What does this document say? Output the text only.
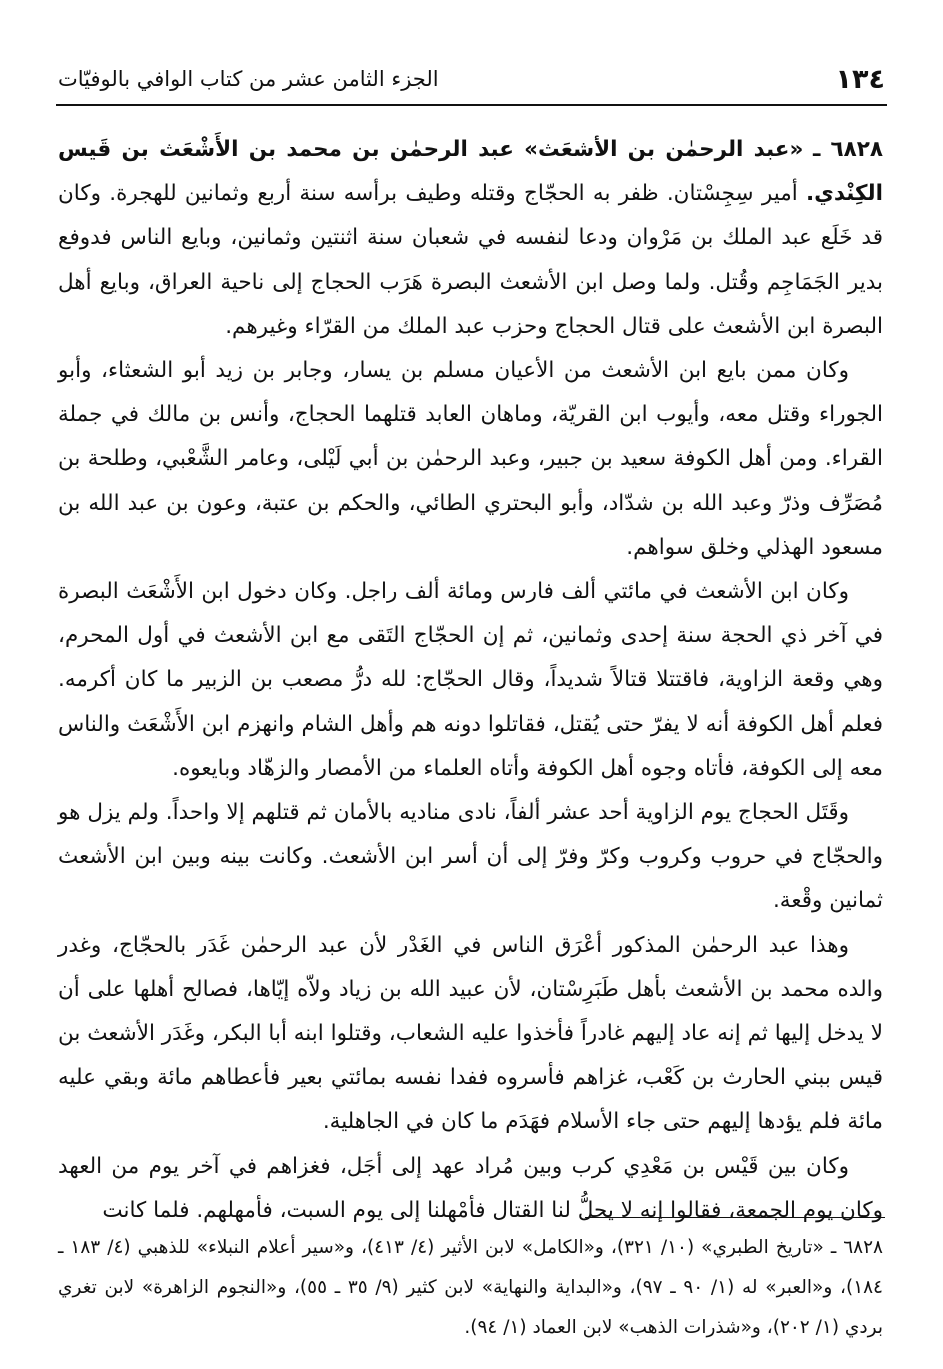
١٣٤
الجزء الثامن عشر من كتاب الوافي بالوفيّات

٦٨٢٨ ـ «عبد الرحمٰن بن الأشعَث» عبد الرحمٰن بن محمد بن الأَشْعَث بن قَيس الكِنْدي. أمير سِجِسْتان. ظفر به الحجّاج وقتله وطيف برأسه سنة أربع وثمانين للهجرة. وكان قد خَلَع عبد الملك بن مَرْوان ودعا لنفسه في شعبان سنة اثنتين وثمانين، وبايع الناس فدوفع بدير الجَمَاجِم وقُتل. ولما وصل ابن الأشعث البصرة هَرَب الحجاج إلى ناحية العراق، وبايع أهل البصرة ابن الأشعث على قتال الحجاج وحزب عبد الملك من القرّاء وغيرهم.

وكان ممن بايع ابن الأشعث من الأعيان مسلم بن يسار، وجابر بن زيد أبو الشعثاء، وأبو الجوراء وقتل معه، وأيوب ابن القريّة، وماهان العابد قتلهما الحجاج، وأنس بن مالك في جملة القراء. ومن أهل الكوفة سعيد بن جبير، وعبد الرحمٰن بن أبي لَيْلى، وعامر الشَّعْبي، وطلحة بن مُصَرِّف وذرّ وعبد الله بن شدّاد، وأبو البحتري الطائي، والحكم بن عتبة، وعون بن عبد الله بن مسعود الهذلي وخلق سواهم.

وكان ابن الأشعث في مائتي ألف فارس ومائة ألف راجل. وكان دخول ابن الأَشْعَث البصرة في آخر ذي الحجة سنة إحدى وثمانين، ثم إن الحجّاج التَقى مع ابن الأشعث في أول المحرم، وهي وقعة الزاوية، فاقتتلا قتالاً شديداً، وقال الحجّاج: لله درُّ مصعب بن الزبير ما كان أكرمه. فعلم أهل الكوفة أنه لا يفرّ حتى يُقتل، فقاتلوا دونه هم وأهل الشام وانهزم ابن الأَشْعَث والناس معه إلى الكوفة، فأتاه وجوه أهل الكوفة وأتاه العلماء من الأمصار والزهّاد وبايعوه.

وقَتَل الحجاج يوم الزاوية أحد عشر ألفاً، نادى مناديه بالأمان ثم قتلهم إلا واحداً. ولم يزل هو والحجّاج في حروب وكروب وكرّ وفرّ إلى أن أسر ابن الأشعث. وكانت بينه وبين ابن الأشعث ثمانين وقْعة.

وهذا عبد الرحمٰن المذكور أعْرَق الناس في الغَدْر لأن عبد الرحمٰن غَدَر بالحجّاج، وغدر والده محمد بن الأشعث بأهل طَبَرِسْتان، لأن عبيد الله بن زياد ولاّه إيّاها، فصالح أهلها على أن لا يدخل إليها ثم إنه عاد إليهم غادراً فأخذوا عليه الشعاب، وقتلوا ابنه أبا البكر، وغَدَر الأشعث بن قيس ببني الحارث بن كَعْب، غزاهم فأسروه ففدا نفسه بمائتي بعير فأعطاهم مائة وبقي عليه مائة فلم يؤدها إليهم حتى جاء الأسلام فهَدَم ما كان في الجاهلية.

وكان بين قَيْس بن مَعْدِي كرب وبين مُراد عهد إلى أجَل، فغزاهم في آخر يوم من العهد وكان يوم الجمعة، فقالوا إنه لا يحلُّ لنا القتال فأمْهلنا إلى يوم السبت، فأمهلهم. فلما كانت

٦٨٢٨ ـ «تاريخ الطبري» (١٠/ ٣٢١)، و«الكامل» لابن الأثير (٤/ ٤١٣)، و«سير أعلام النبلاء» للذهبي (٤/ ١٨٣ ـ ١٨٤)، و«العبر» له (١/ ٩٠ ـ ٩٧)، و«البداية والنهاية» لابن كثير (٩/ ٣٥ ـ ٥٥)، و«النجوم الزاهرة» لابن تغري بردي (١/ ٢٠٢)، و«شذرات الذهب» لابن العماد (١/ ٩٤).
